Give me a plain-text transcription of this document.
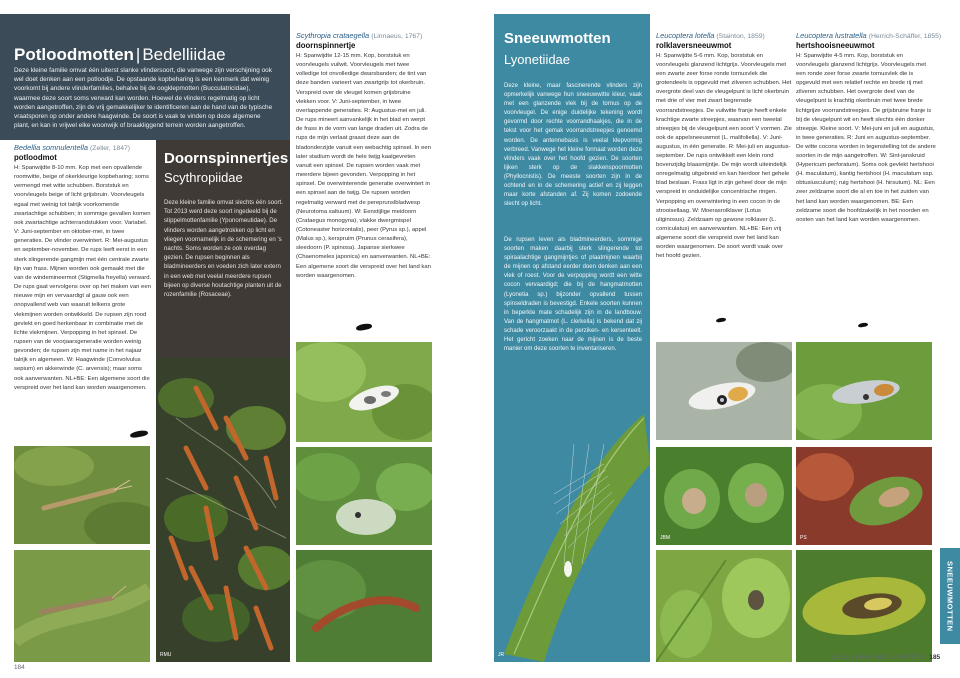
Potloodmotten | Bedelliidae
Deze kleine familie omvat één uiterst slanke vlindersoort, die vanwege zijn verschijning ook wel doet denken aan een potloodje. De opstaande kopbeharing is een kenmerk dat weinig voorkomt bij andere vlinderfamilies, behalve bij de oogklepmotten (Bucculatricidae), waarmee deze soort soms verward kan worden. Hoewel de vlinders regelmatig op licht worden aangetroffen, zijn de vrij gemakkelijker te identificeren aan de hand van de typische vraatsporen op onder andere haagwinde. De soort is vaak te vinden op deze algemene plant, en kan in vrijwel elke woonwijk of braakliggend terrein worden aangetroffen.
Bedellia somnulentella (Zeller, 1847)
potloodmot
H: Spanwijdte 8-10 mm. Kop met een opvallende roomwitte, beige of okerkleurige kopbeharing; soms vermengd met witte schubben. Borststuk en voorvleugels beige of licht grijsbruin. Voorvleugels egaal met weinig tot talrijk voorkomende zwartachtige schubben; in sommige gevallen komen ook zwartachtige achterrandstukken voor. Variabel. V: Juni-september en oktober-mei, in twee generaties. De vlinder overwintert. R: Mei-augustus en september-november. De rups leeft eerst in een sterk slingerende gangmijn met één centrale zwarte lijn van frass. Mijnen worden ook gemaakt met die van de windemineermot (Stigmella freyella) verward. De rups gaat vervolgens over op het maken van een nieuwe mijn en vervaardigt al gauw ook een onopvallend web van waaruit telkens grote vlekmijnen worden ontwikkeld. De rupsen zijn rood gevlekt en goed herkenbaar in combinatie met de lichte vlekmijnen. Verpopping in het spinsel. De rupsen van de voorjaarsgeneratie worden weinig gevonden; de rupsen zijn met name in het najaar talrijk en algemeen. W: Haagwinde (Convolvulus sepium) en akkerwinde (C. arvensis); maar soms ook aanverwanten. NL+BE: Een algemene soort die verspreid over het land kan worden waargenomen.
Doornspinnertjes
Scythropiidae
Deze kleine familie omvat slechts één soort. Tot 2013 werd deze soort ingedeeld bij de stippelmottenfamilie (Yponomeutidae). De vlinders worden aangetrokken op licht en vliegen voornamelijk in de schemering en 's nachts. Soms worden ze ook overdag gezien. De rupsen beginnen als bladmineerders en voeden zich later extern in een web met veelal meerdere rupsen bijeen op diverse houtachtige planten uit de rozenfamilie (Rosaceae).
RMU
Scythropia crataegella (Linnaeus, 1767)
doornspinnertje
H: Spanwijdte 12-15 mm. Kop, borststuk en voorvleugels vuilwit. Voorvleugels met twee volledige tot onvolledige dwarsbanden; de tint van deze banden varieert van zwartgrijs tot okerbruin. Verspreid over de vleugel komen grijsbruine vlekken voor. V: Juni-september, in twee overlappende generaties. R: Augustus-mei en juli. De rups mineert aanvankelijk in het blad en werpt de frass in de vorm van lange draden uit. Zodra de rups de mijn verlaat graast deze aan de bladonderzijde vanuit een webachtig spinsel. In een later stadium wordt de hele twijg kaalgevreten vanuit een spinsel. De rupsen worden vaak met meerdere bijeen gevonden. Verpopping in het spinsel. De overwinterende generatie overwintert in een spinsel aan de twijg. De rupsen worden regelmatig verward met de pereprunslbladwesp (Neurotoma saltuum). W: Eenstijlige meidoorn (Crataegus monogyna), vlakke dwergmispel (Cotoneaster horizontalis), peer (Pyrus sp.), appel (Malus sp.), kerspruim (Prunus cerasifera), sleedoorn (P. spinosa). Japanse sierkwee (Chaenomeles japonica) en aanverwanten. NL+BE: Een algemene soort die verspreid over het land kan worden waargenomen.
184
Sneeuwmotten
Lyonetiidae
Deze kleine, maar fascinerende vlinders zijn opmerkelijk vanwege hun sneeuwwitte kleur, vaak met een glanzende vlek bij de tornus op de voorvleugel. De enige duidelijke tekening wordt gevormd door rechte voorrandhaakjes, die in de tekst voor het gemak voorrandstreepjes genoemd worden. De antennebasis is veelal klepvormig verbreed. Vanwege het kleine formaat worden deze vlinders vaak over het hoofd gezien. De soorten lijken sterk op de slakkenspoormotten (Phyllocnistis). De meeste soorten zijn in de ochtend en in de schemering actief en zij leggen maar korte afstanden af. Zij komen zodoende slecht op licht.
De rupsen leven als bladmineerders, sommige soorten maken daarbij sterk slingerende tot spiraalachtige gangmijntjes of plaatmijnen waarbij de mijnen op afstand eerder doen denken aan een vlek of roest. Voor de verpopping wordt een witte cocon vervaardigd; die bij de hangmatmotten (Lyonetia sp.) bijzonder opvallend tussen spinseldraden is bevestigd. Enkele soorten kunnen in beperkte mate schadelijk zijn in de landbouw. Van de hangmatmot (L. clerkella) is bekend dat zij schade veroorzaakt in de perziken- en kersenteelt. Het gericht zoeken naar de mijnen is de beste manier om deze soorten te inventariseren.
JR
Leucoptera lotella (Stainton, 1859)
rolklaversneeuwmot
H: Spanwijdte 5-6 mm. Kop, borststuk en voorvleugels glanzend lichtgrijs. Voorvleugels met een zwarte zeer forse ronde tornusvlek die grotendeels is opgevuld met zilveren schubben. Het overgrote deel van de vleugelpunt is licht okerbruin met drie of vier met zwart begrensde voorrandstreepjes. De vuilwitte franje heeft enkele krachtige zwarte streepjes, waarvan een tweetal streepjes bij de vleugelpunt een soort V vormen. Zie ook de appelsneeuwmot (L. malifoliella). V: Juni-augustus, in één generatie. R: Mei-juli en augustus-september. De rups ontwikkelt een klein rond bovenzijdig blaasmijntje. De mijn wordt uiteindelijk onregelmatig uitgebreid en kan hierdoor het gehele blad beslaan. Frass ligt in zijn geheel door de mijn verspreid in onduidelijke concentrische ringen. Verpopping en overwintering in een cocon in de strooisellaag. W: Moerasrolklaver (Lotus uliginosus). Zeldzaam op gewone rolklaver (L. corniculatus) en aanverwanten. NL+BE: Een vrij algemene soort die verspreid over het land kan worden waargenomen. De soort wordt vaak over het hoofd gezien.
Leucoptera lustratella (Herrich-Schäffer, 1855)
hertshooisneeuwmot
H: Spanwijdte 4-5 mm. Kop, borststuk en voorvleugels glanzend lichtgrijs. Voorvleugels met een ronde zeer forse zwarte tornusvlek die is opgevuld met een relatief rechte en brede rij met zilveren schubben. Het overgrote deel van de vleugelpunt is krachtig okerbruin met twee brede lichtgrijze voorrandstreepjes. De grijsbruine franje is bij de vleugelpunt wit en heeft slechts één donker streepje. Kleine soort. V: Mei-juni en juli en augustus, in twee generaties. R: Juni en augustus-september. De witte cocons worden in tegenstelling tot de andere soorten in de mijn aangetroffen. W: Sint-janskruid (Hypericum perforatum). Soms ook gevlekt hertshooi (H. maculatum), kantig hertshooi (H. maculatum ssp. obtusiusculum); ruig hertshooi (H. hirsutum). NL: Een zeer zeldzame soort die al en toe in het zuiden van het land kan worden waargenomen. BE: Een zeldzame soort die hoofdzakelijk in het noorden en oosten van het land kan worden waargenomen.
JBM	PS
SNEEUWMOTTEN
DEEL 1 | HANDBOEK MOTTEN 185
